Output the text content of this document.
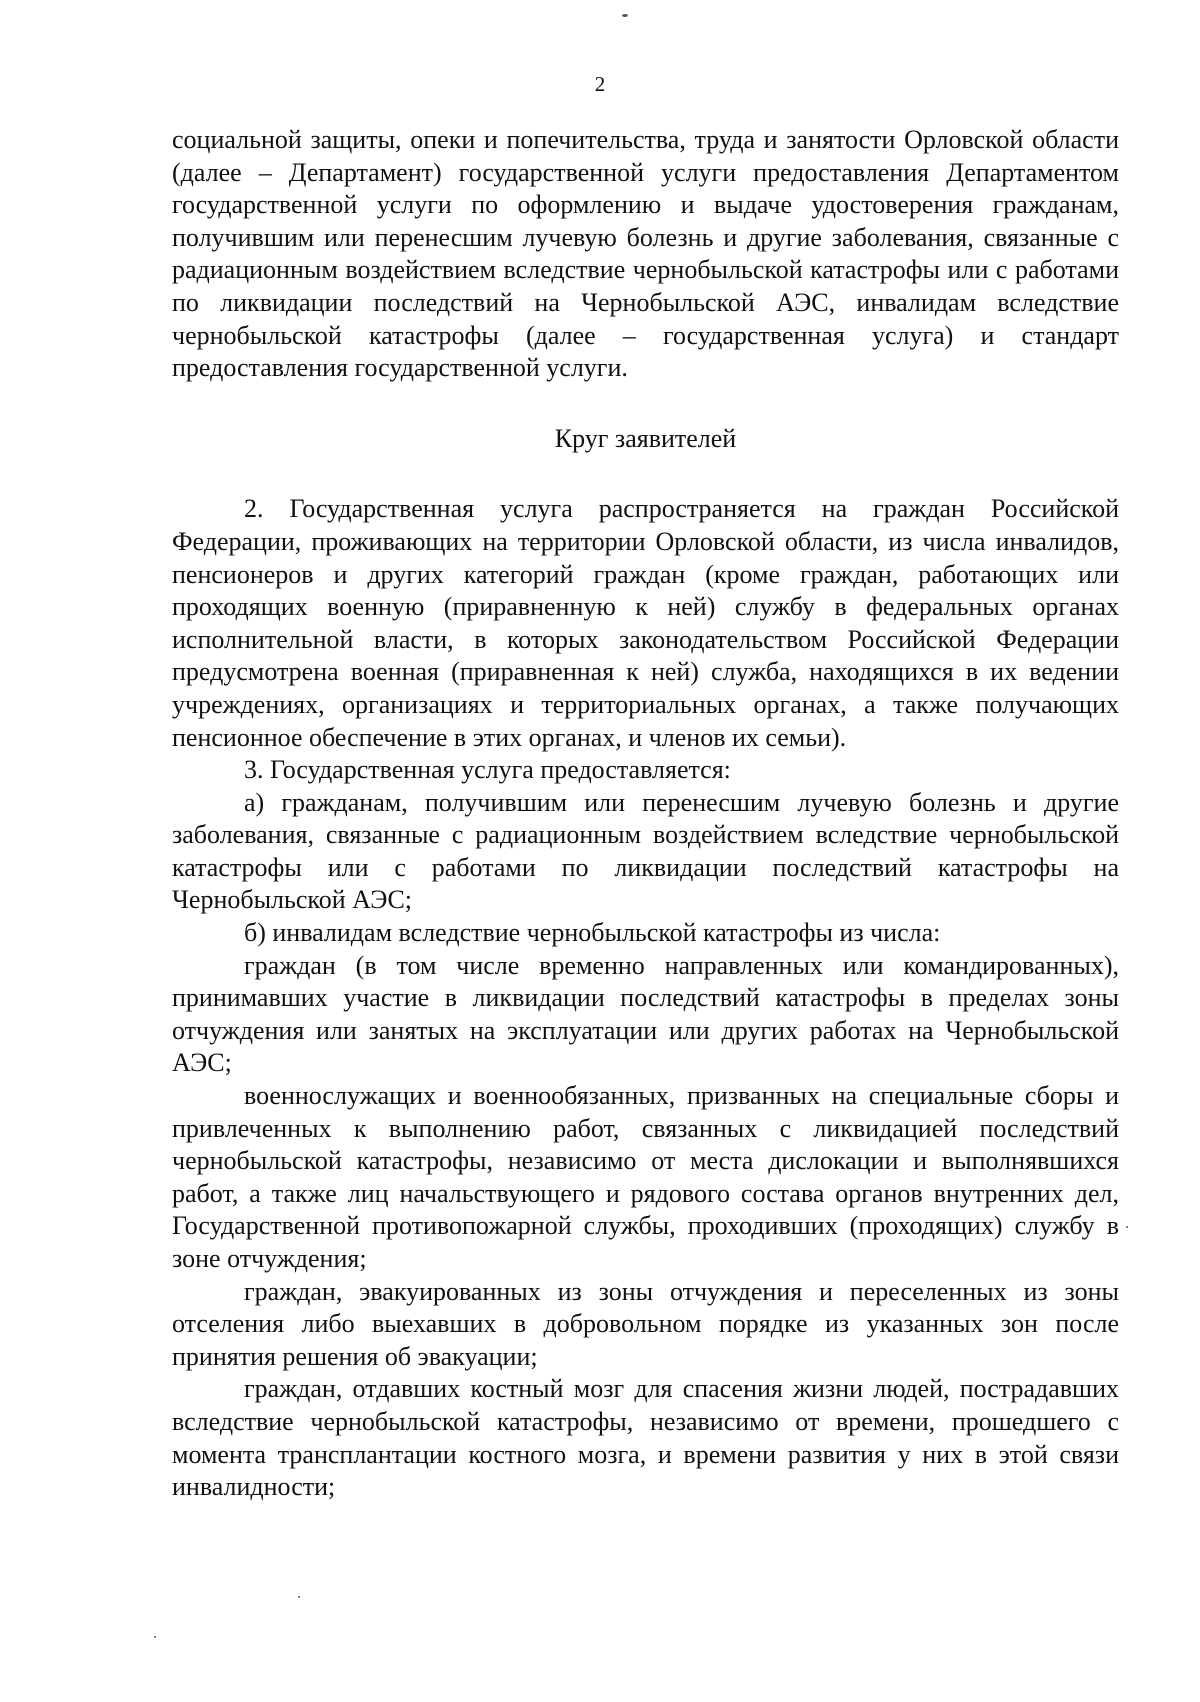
2

социальной защиты, опеки и попечительства, труда и занятости Орловской области (далее – Департамент) государственной услуги предоставления Департаментом государственной услуги по оформлению и выдаче удостоверения гражданам, получившим или перенесшим лучевую болезнь и другие заболевания, связанные с радиационным воздействием вследствие чернобыльской катастрофы или с работами по ликвидации последствий на Чернобыльской АЭС, инвалидам вследствие чернобыльской катастрофы (далее – государственная услуга) и стандарт предоставления государственной услуги.

Круг заявителей

2. Государственная услуга распространяется на граждан Российской Федерации, проживающих на территории Орловской области, из числа инвалидов, пенсионеров и других категорий граждан (кроме граждан, работающих или проходящих военную (приравненную к ней) службу в федеральных органах исполнительной власти, в которых законодательством Российской Федерации предусмотрена военная (приравненная к ней) служба, находящихся в их ведении учреждениях, организациях и территориальных органах, а также получающих пенсионное обеспечение в этих органах, и членов их семьи).

3. Государственная услуга предоставляется:

а) гражданам, получившим или перенесшим лучевую болезнь и другие заболевания, связанные с радиационным воздействием вследствие чернобыльской катастрофы или с работами по ликвидации последствий катастрофы на Чернобыльской АЭС;

б) инвалидам вследствие чернобыльской катастрофы из числа:

граждан (в том числе временно направленных или командированных), принимавших участие в ликвидации последствий катастрофы в пределах зоны отчуждения или занятых на эксплуатации или других работах на Чернобыльской АЭС;

военнослужащих и военнообязанных, призванных на специальные сборы и привлеченных к выполнению работ, связанных с ликвидацией последствий чернобыльской катастрофы, независимо от места дислокации и выполнявшихся работ, а также лиц начальствующего и рядового состава органов внутренних дел, Государственной противопожарной службы, проходивших (проходящих) службу в зоне отчуждения;

граждан, эвакуированных из зоны отчуждения и переселенных из зоны отселения либо выехавших в добровольном порядке из указанных зон после принятия решения об эвакуации;

граждан, отдавших костный мозг для спасения жизни людей, пострадавших вследствие чернобыльской катастрофы, независимо от времени, прошедшего с момента трансплантации костного мозга, и времени развития у них в этой связи инвалидности;
